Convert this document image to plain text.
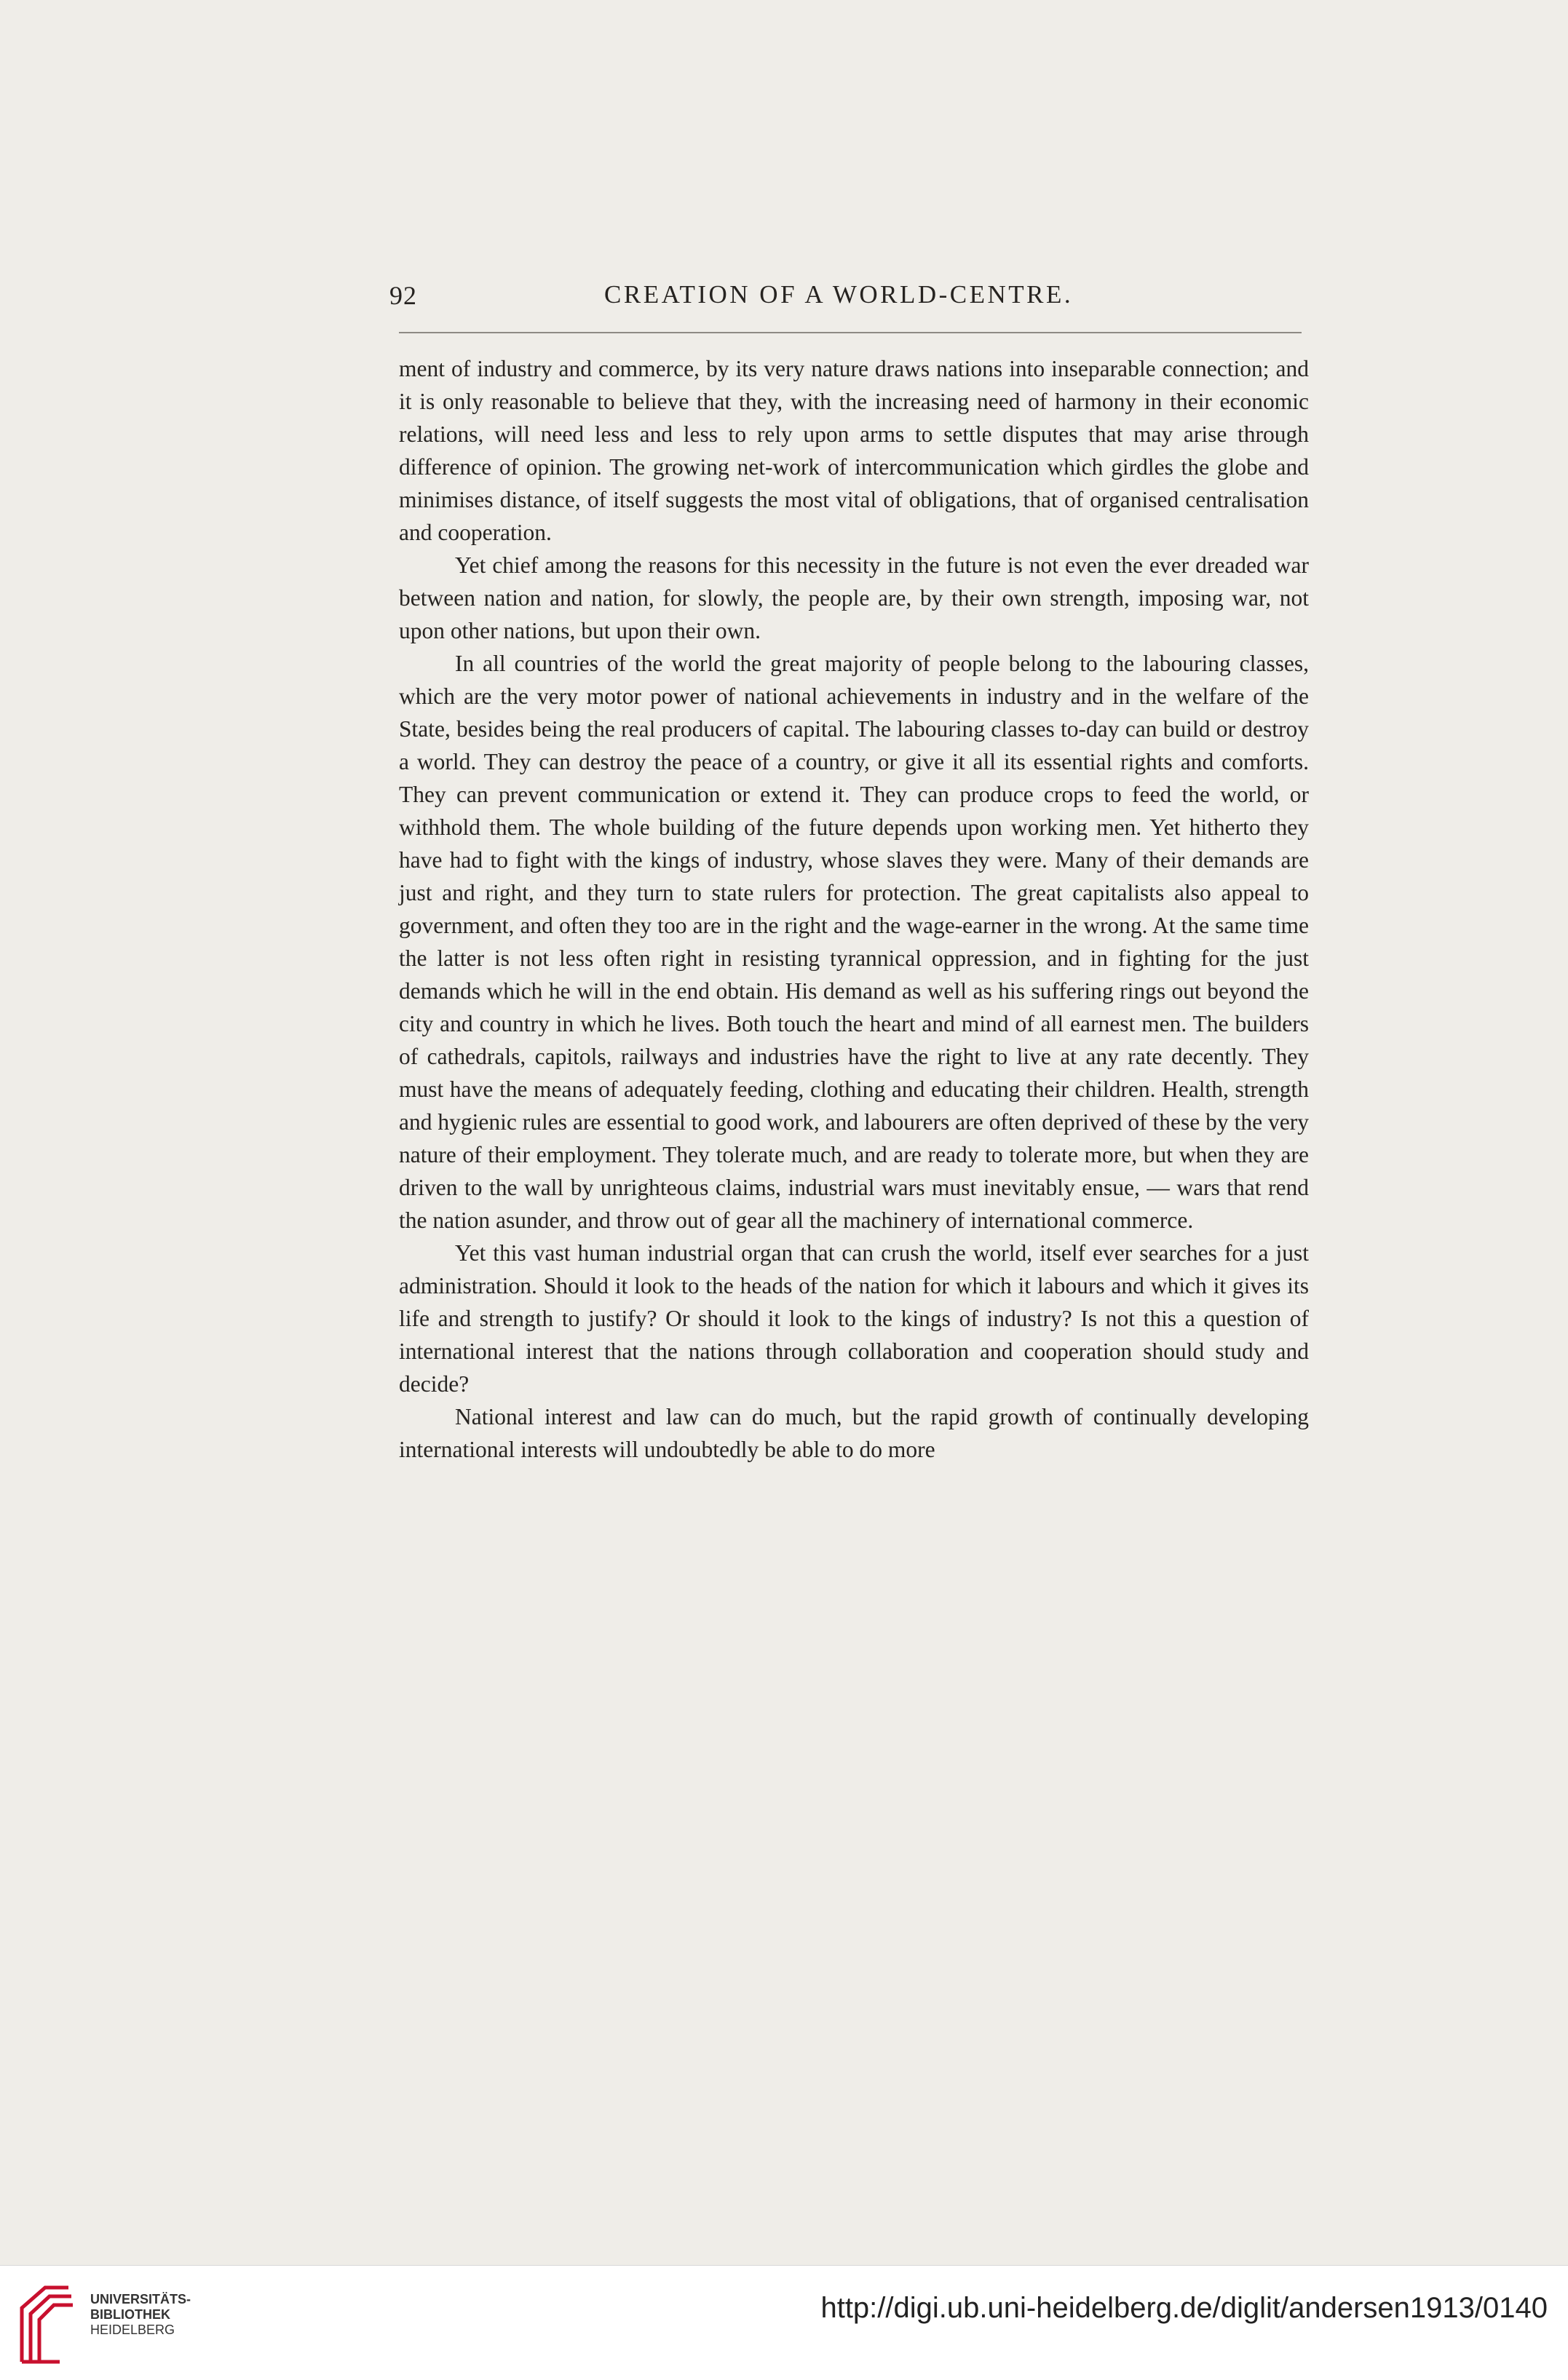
92	CREATION OF A WORLD-CENTRE.

ment of industry and commerce, by its very nature draws nations into inseparable connection; and it is only reasonable to believe that they, with the increasing need of harmony in their economic relations, will need less and less to rely upon arms to settle disputes that may arise through difference of opinion. The growing net-work of intercommunication which girdles the globe and minimises distance, of itself suggests the most vital of obligations, that of organised centralisation and cooperation.

Yet chief among the reasons for this necessity in the future is not even the ever dreaded war between nation and nation, for slowly, the people are, by their own strength, imposing war, not upon other nations, but upon their own.

In all countries of the world the great majority of people belong to the labouring classes, which are the very motor power of national achievements in industry and in the welfare of the State, besides being the real producers of capital. The labouring classes to-day can build or destroy a world. They can destroy the peace of a country, or give it all its essential rights and comforts. They can prevent communication or extend it. They can produce crops to feed the world, or withhold them. The whole building of the future depends upon working men. Yet hitherto they have had to fight with the kings of industry, whose slaves they were. Many of their demands are just and right, and they turn to state rulers for protection. The great capitalists also appeal to government, and often they too are in the right and the wage-earner in the wrong. At the same time the latter is not less often right in resisting tyrannical oppression, and in fighting for the just demands which he will in the end obtain. His demand as well as his suffering rings out beyond the city and country in which he lives. Both touch the heart and mind of all earnest men. The builders of cathedrals, capitols, railways and industries have the right to live at any rate decently. They must have the means of adequately feeding, clothing and educating their children. Health, strength and hygienic rules are essential to good work, and labourers are often deprived of these by the very nature of their employment. They tolerate much, and are ready to tolerate more, but when they are driven to the wall by unrighteous claims, industrial wars must inevitably ensue, — wars that rend the nation asunder, and throw out of gear all the machinery of international commerce.

Yet this vast human industrial organ that can crush the world, itself ever searches for a just administration. Should it look to the heads of the nation for which it labours and which it gives its life and strength to justify? Or should it look to the kings of industry? Is not this a question of international interest that the nations through collaboration and cooperation should study and decide?

National interest and law can do much, but the rapid growth of continually developing international interests will undoubtedly be able to do more

UNIVERSITÄTS-
BIBLIOTHEK
HEIDELBERG
http://digi.ub.uni-heidelberg.de/diglit/andersen1913/0140
